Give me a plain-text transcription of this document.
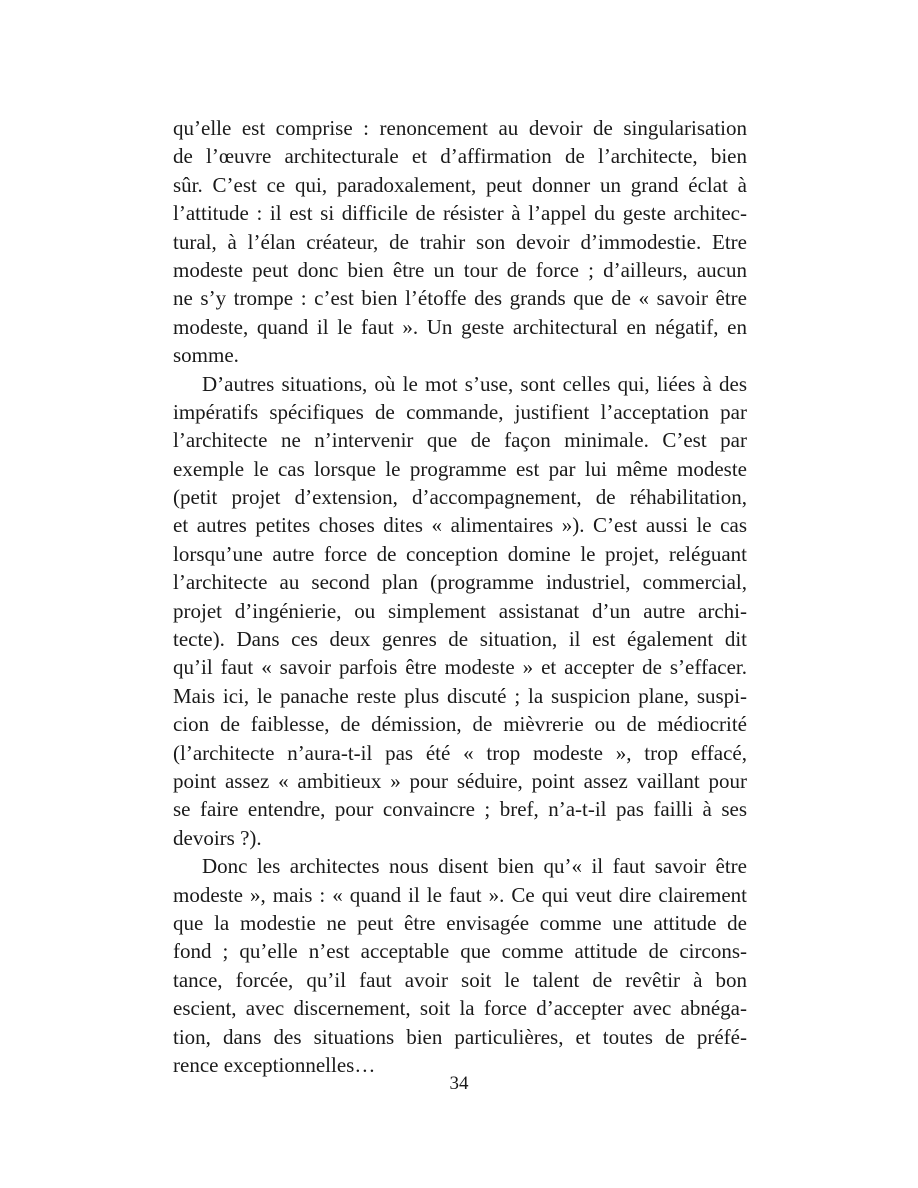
qu’elle est comprise : renoncement au devoir de singularisation
de l’œuvre architecturale et d’affirmation de l’architecte, bien
sûr. C’est ce qui, paradoxalement, peut donner un grand éclat à
l’attitude : il est si difficile de résister à l’appel du geste architec-
tural, à l’élan créateur, de trahir son devoir d’immodestie. Etre
modeste peut donc bien être un tour de force ; d’ailleurs, aucun
ne s’y trompe : c’est bien l’étoffe des grands que de « savoir être
modeste, quand il le faut ». Un geste architectural en négatif, en
somme.
D’autres situations, où le mot s’use, sont celles qui, liées à des
impératifs spécifiques de commande, justifient l’acceptation par
l’architecte ne n’intervenir que de façon minimale. C’est par
exemple le cas lorsque le programme est par lui même modeste
(petit projet d’extension, d’accompagnement, de réhabilitation,
et autres petites choses dites « alimentaires »). C’est aussi le cas
lorsqu’une autre force de conception domine le projet, reléguant
l’architecte au second plan (programme industriel, commercial,
projet d’ingénierie, ou simplement assistanat d’un autre archi-
tecte). Dans ces deux genres de situation, il est également dit
qu’il faut « savoir parfois être modeste » et accepter de s’effacer.
Mais ici, le panache reste plus discuté ; la suspicion plane, suspi-
cion de faiblesse, de démission, de mièvrerie ou de médiocrité
(l’architecte n’aura-t-il pas été « trop modeste », trop effacé,
point assez « ambitieux » pour séduire, point assez vaillant pour
se faire entendre, pour convaincre ; bref, n’a-t-il pas failli à ses
devoirs ?).
Donc les architectes nous disent bien qu’« il faut savoir être
modeste », mais : « quand il le faut ». Ce qui veut dire clairement
que la modestie ne peut être envisagée comme une attitude de
fond ; qu’elle n’est acceptable que comme attitude de circons-
tance, forcée, qu’il faut avoir soit le talent de revêtir à bon
escient, avec discernement, soit la force d’accepter avec abnéga-
tion, dans des situations bien particulières, et toutes de préfé-
rence exceptionnelles…
34
